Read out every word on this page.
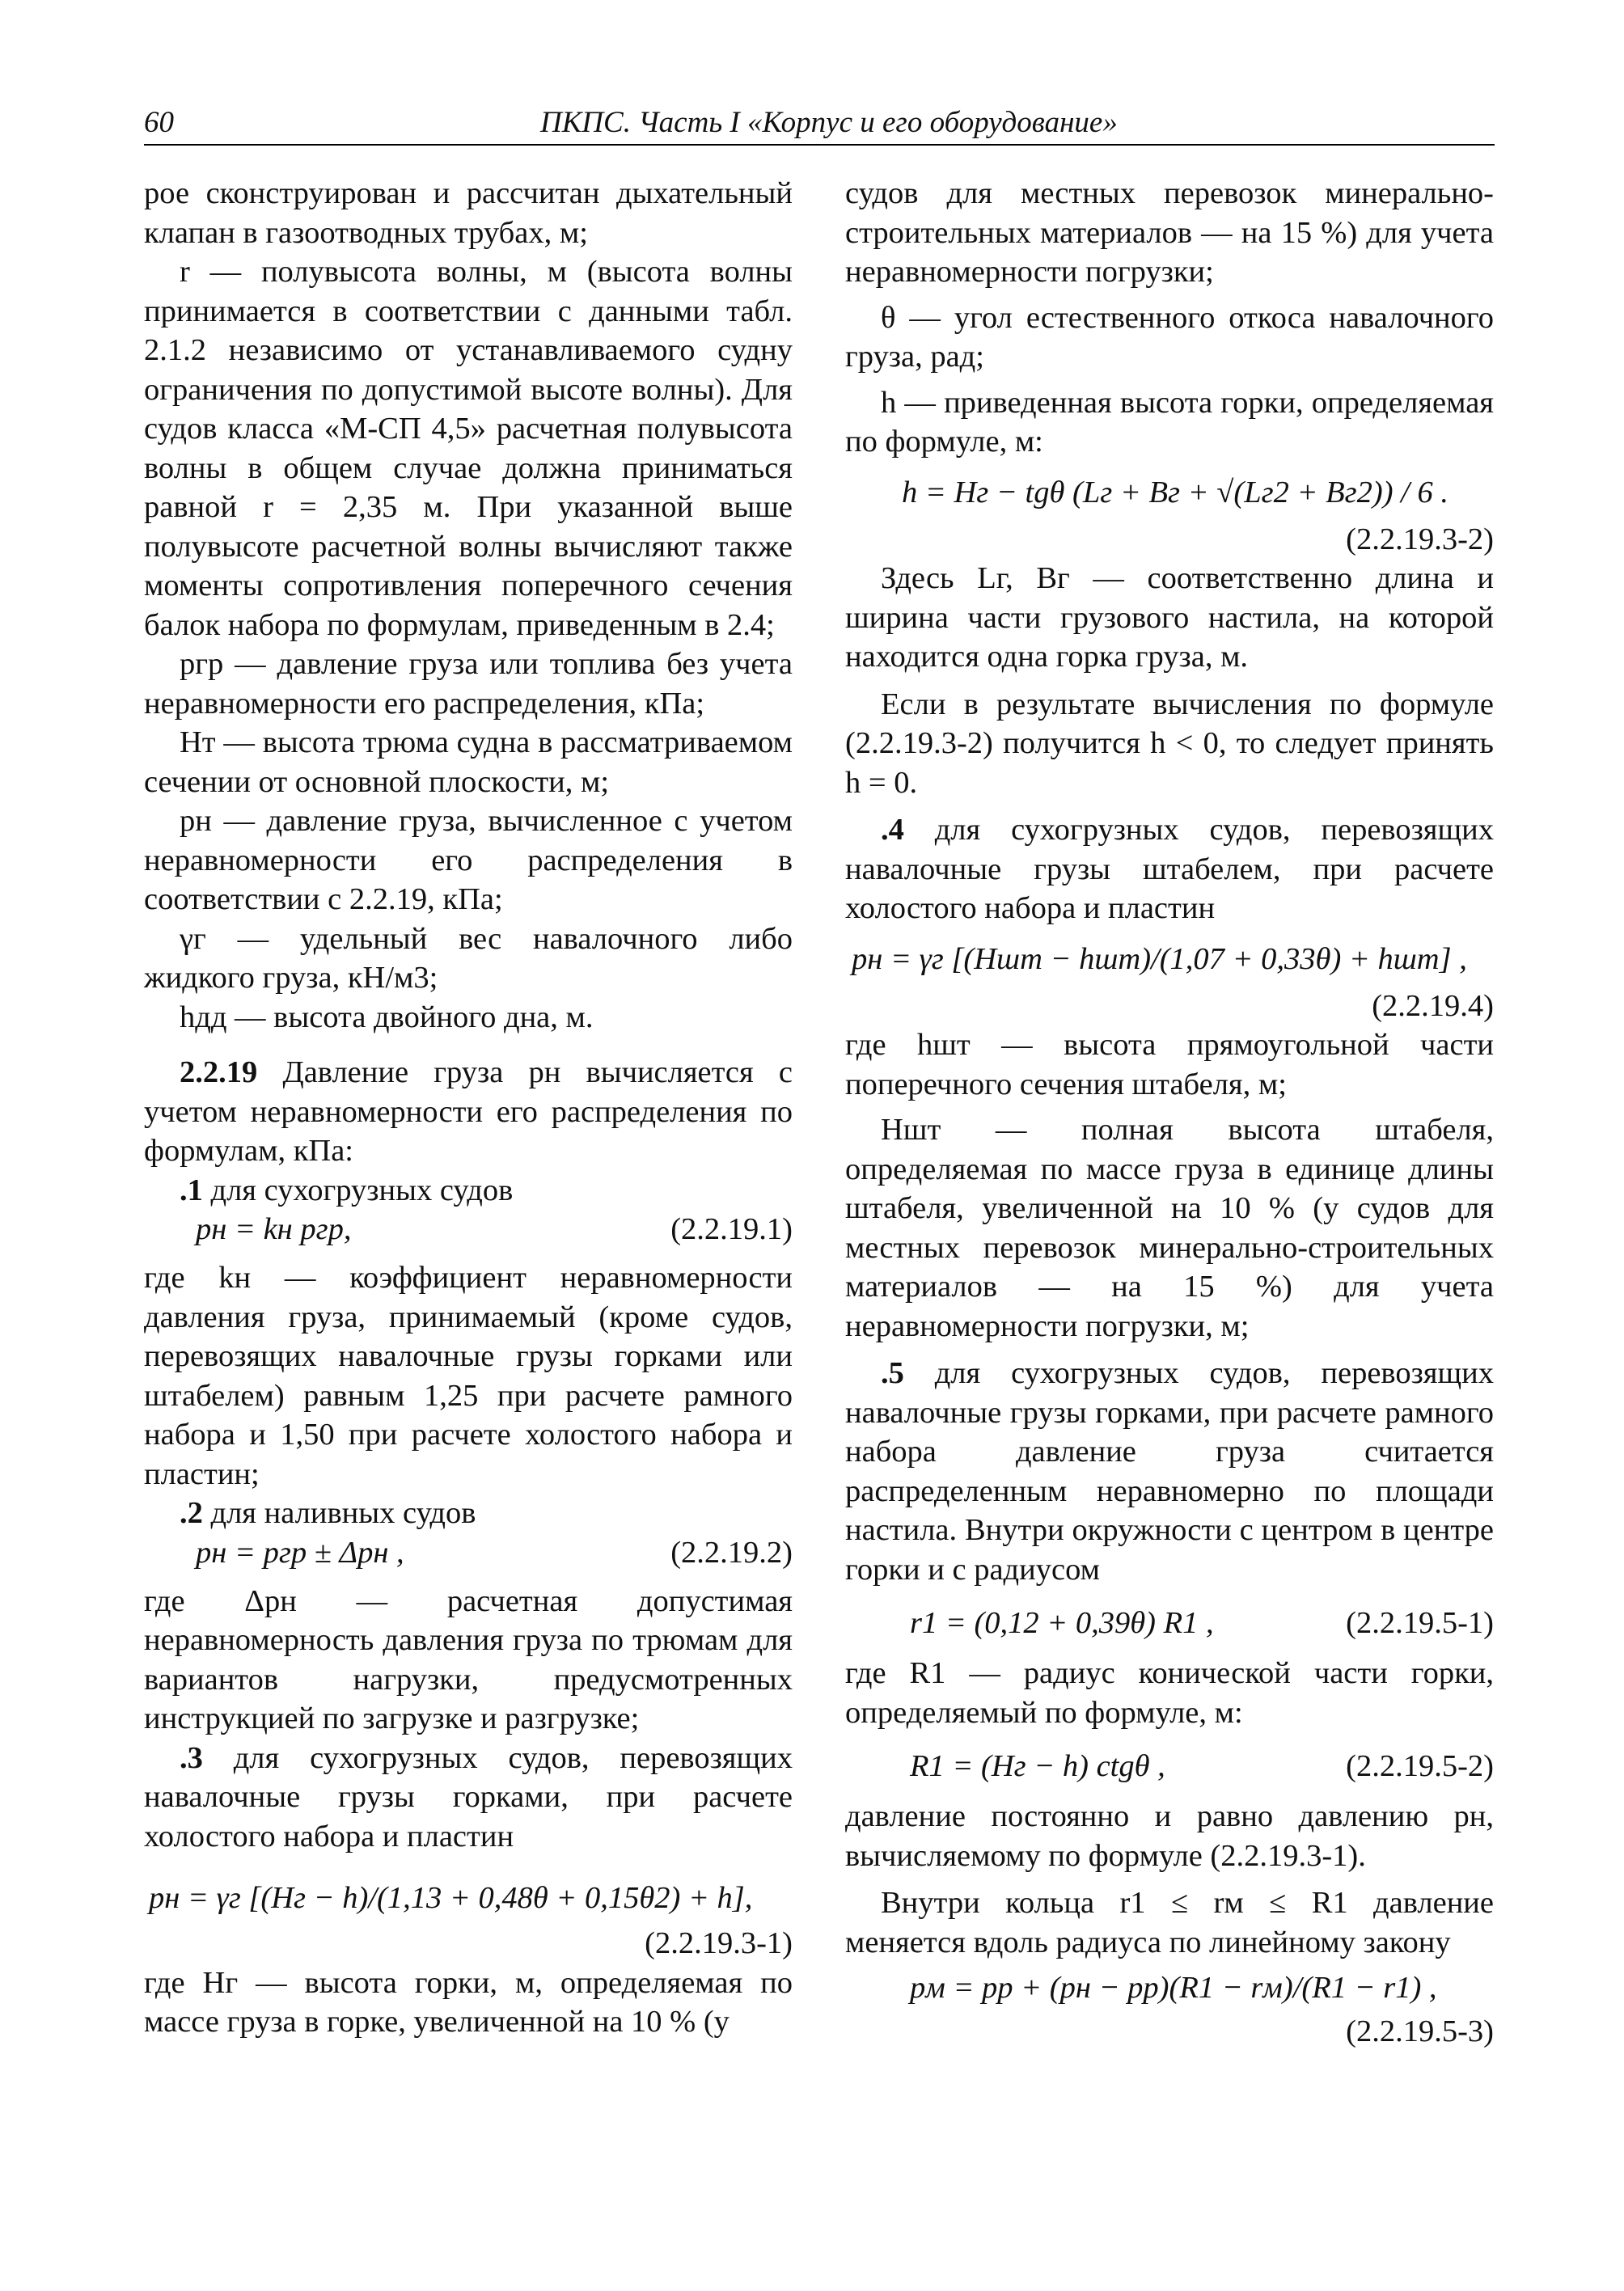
60	ПКПС. Часть I «Корпус и его оборудование»

рое сконструирован и рассчитан дыхательный клапан в газоотводных трубах, м;

r — полувысота волны, м (высота волны принимается в соответствии с данными табл. 2.1.2 независимо от устанавливаемого судну ограничения по допустимой высоте волны). Для судов класса «М-СП 4,5» расчетная полувысота волны в общем случае должна приниматься равной r = 2,35 м. При указанной выше полувысоте расчетной волны вычисляют также моменты сопротивления поперечного сечения балок набора по формулам, приведенным в 2.4;

pгр — давление груза или топлива без учета неравномерности его распределения, кПа;

Hт — высота трюма судна в рассматриваемом сечении от основной плоскости, м;

pн — давление груза, вычисленное с учетом неравномерности его распределения в соответствии с 2.2.19, кПа;

γг — удельный вес навалочного либо жидкого груза, кН/м3;

hдд — высота двойного дна, м.

2.2.19 Давление груза pн вычисляется с учетом неравномерности его распределения по формулам, кПа:

.1 для сухогрузных судов

pн = kн pгр,	(2.2.19.1)

где kн — коэффициент неравномерности давления груза, принимаемый (кроме судов, перевозящих навалочные грузы горками или штабелем) равным 1,25 при расчете рамного набора и 1,50 при расчете холостого набора и пластин;

.2 для наливных судов

pн = pгр ± Δpн ,	(2.2.19.2)

где Δpн — расчетная допустимая неравномерность давления груза по трюмам для вариантов нагрузки, предусмотренных инструкцией по загрузке и разгрузке;

.3 для сухогрузных судов, перевозящих навалочные грузы горками, при расчете холостого набора и пластин

pн = γг [(Hг − h)/(1,13 + 0,48θ + 0,15θ2) + h],

(2.2.19.3-1)

где Hг — высота горки, м, определяемая по массе груза в горке, увеличенной на 10 % (у

судов для местных перевозок минерально-строительных материалов — на 15 %) для учета неравномерности погрузки;

θ — угол естественного откоса навалочного груза, рад;

h — приведенная высота горки, определяемая по формуле, м:

h = Hг − tgθ (Lг + Bг + √(Lг2 + Bг2)) / 6 .

(2.2.19.3-2)

Здесь Lг, Bг — соответственно длина и ширина части грузового настила, на которой находится одна горка груза, м.

Если в результате вычисления по формуле (2.2.19.3-2) получится h < 0, то следует принять h = 0.

.4 для сухогрузных судов, перевозящих навалочные грузы штабелем, при расчете холостого набора и пластин

pн = γг [(Hшт − hшт)/(1,07 + 0,33θ) + hшт] ,

(2.2.19.4)

где hшт — высота прямоугольной части поперечного сечения штабеля, м;

Hшт — полная высота штабеля, определяемая по массе груза в единице длины штабеля, увеличенной на 10 % (у судов для местных перевозок минерально-строительных материалов — на 15 %) для учета неравномерности погрузки, м;

.5 для сухогрузных судов, перевозящих навалочные грузы горками, при расчете рамного набора давление груза считается распределенным неравномерно по площади настила. Внутри окружности с центром в центре горки и с радиусом

r1 = (0,12 + 0,39θ) R1 ,	(2.2.19.5-1)

где R1 — радиус конической части горки, определяемый по формуле, м:

R1 = (Hг − h) ctgθ ,	(2.2.19.5-2)

давление постоянно и равно давлению pн, вычисляемому по формуле (2.2.19.3-1).

Внутри кольца r1 ≤ rм ≤ R1 давление меняется вдоль радиуса по линейному закону

pм = pр + (pн − pр)(R1 − rм)/(R1 − r1) ,

(2.2.19.5-3)
